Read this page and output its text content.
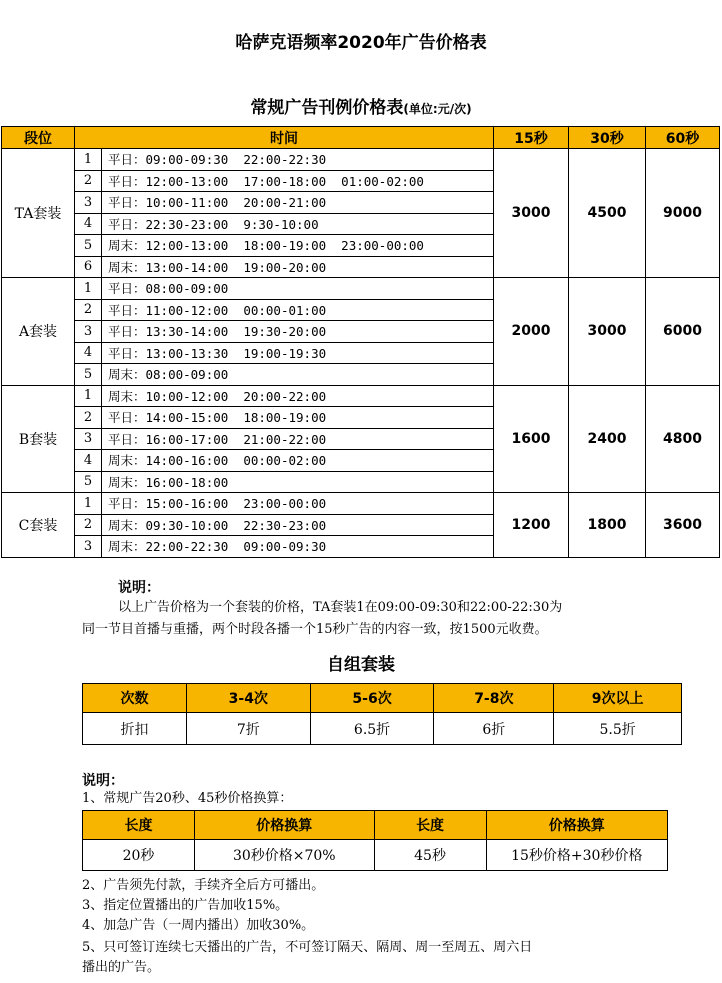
哈萨克语频率2020年广告价格表
常规广告刊例价格表(单位:元/次)
段位	时间		15秒	30秒	60秒
TA套装	1	平日：09:00-09:30  22:00-22:30	3000	4500	9000
	2	平日：12:00-13:00  17:00-18:00  01:00-02:00			
	3	平日：10:00-11:00  20:00-21:00			
	4	平日：22:30-23:00  9:30-10:00			
	5	周末：12:00-13:00  18:00-19:00  23:00-00:00			
	6	周末：13:00-14:00  19:00-20:00			
A套装	1	平日：08:00-09:00	2000	3000	6000
	2	平日：11:00-12:00  00:00-01:00			
	3	平日：13:30-14:00  19:30-20:00			
	4	平日：13:00-13:30  19:00-19:30			
	5	周末：08:00-09:00			
B套装	1	周末：10:00-12:00  20:00-22:00	1600	2400	4800
	2	平日：14:00-15:00  18:00-19:00			
	3	平日：16:00-17:00  21:00-22:00			
	4	周末：14:00-16:00  00:00-02:00			
	5	周末：16:00-18:00			
C套装	1	平日：15:00-16:00  23:00-00:00	1200	1800	3600
	2	周末：09:30-10:00  22:30-23:00			
	3	周末：22:00-22:30  09:00-09:30			
说明：
以上广告价格为一个套装的价格，TA套装1在09:00-09:30和22:00-22:30为
同一节目首播与重播，两个时段各播一个15秒广告的内容一致，按1500元收费。
自组套装
次数	3-4次	5-6次	7-8次	9次以上
折扣	7折	6.5折	6折	5.5折
说明：
1、常规广告20秒、45秒价格换算：
长度	价格换算	长度	价格换算
20秒	30秒价格×70%	45秒	15秒价格+30秒价格
2、广告须先付款，手续齐全后方可播出。
3、指定位置播出的广告加收15%。
4、加急广告（一周内播出）加收30%。
5、只可签订连续七天播出的广告，不可签订隔天、隔周、周一至周五、周六日
播出的广告。
